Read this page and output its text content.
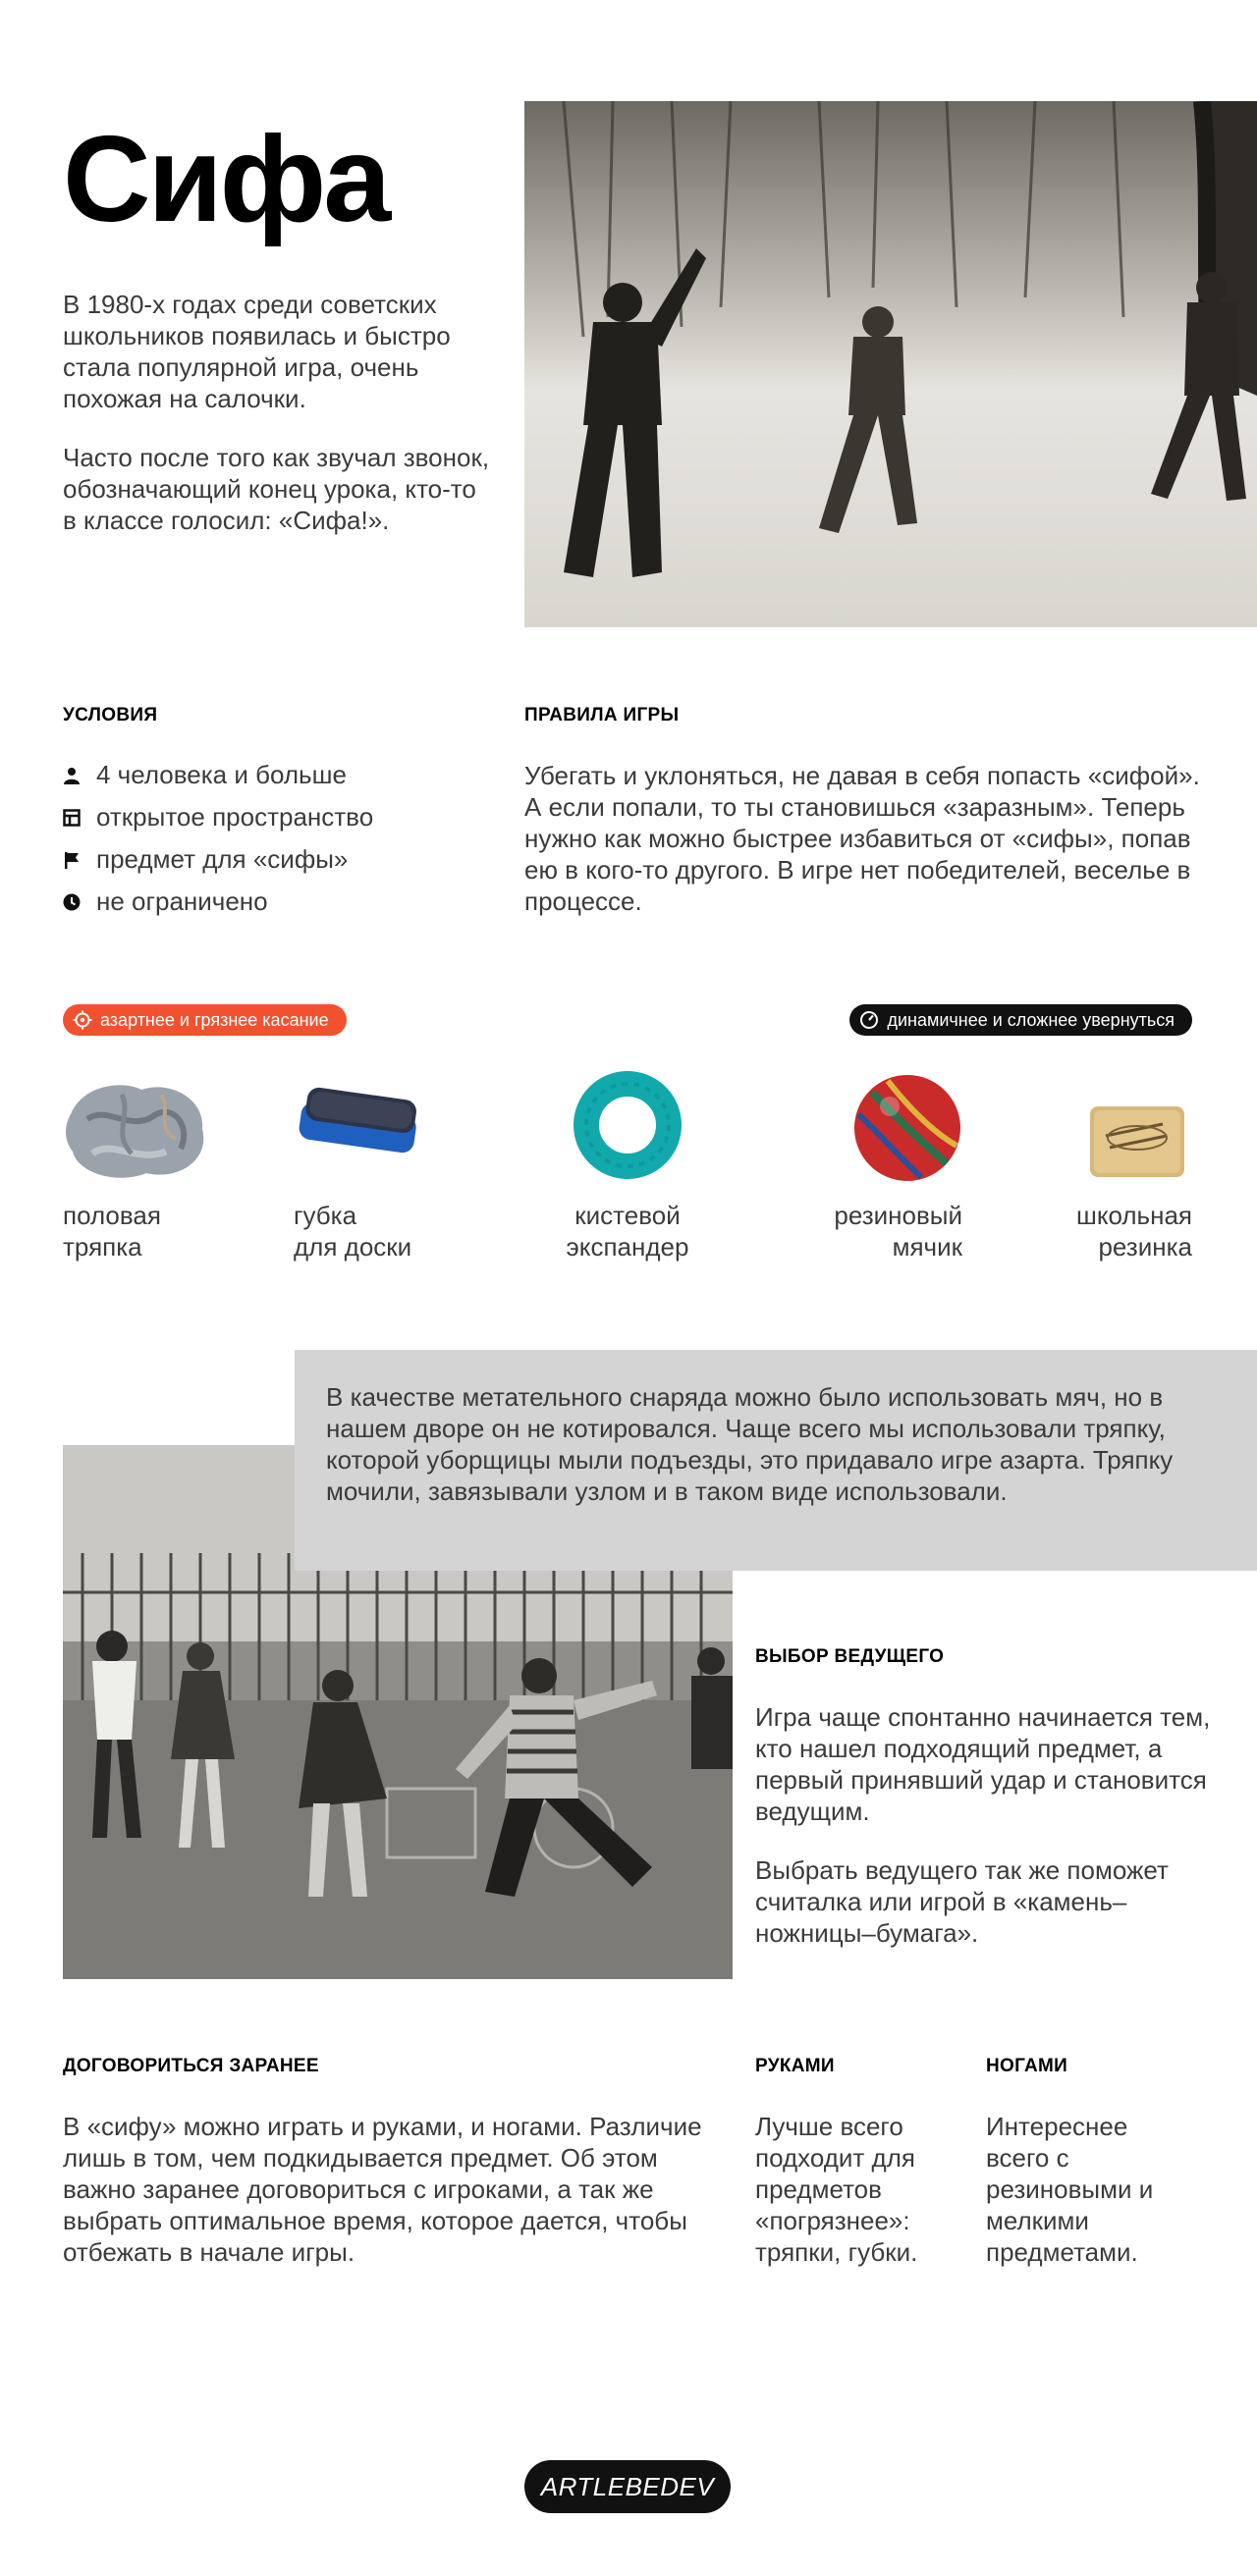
Сифа

В 1980-х годах среди советских школьников появилась и быстро стала популярной игра, очень похожая на салочки.

Часто после того как звучал звонок, обозначающий конец урока, кто-то в классе голосил: «Сифа!».

УСЛОВИЯ
4 человека и больше
открытое пространство
предмет для «сифы»
не ограничено
ПРАВИЛА ИГРЫ

Убегать и уклоняться, не давая в себя попасть «сифой». А если попали, то ты становишься «заразным». Теперь нужно как можно быстрее избавиться от «сифы», попав ею в кого-то другого. В игре нет победителей, веселье в процессе.

азартнее и грязнее касание	динамичнее и сложнее увернуться

половая
тряпка

губка
для доски

кистевой
экспандер

резиновый
мячик

школьная
резинка

В качестве метательного снаряда можно было использовать мяч, но в нашем дворе он не котировался. Чаще всего мы использовали тряпку, которой уборщицы мыли подъезды, это придавало игре азарта. Тряпку мочили, завязывали узлом и в таком виде использовали.

ВЫБОР ВЕДУЩЕГО

Игра чаще спонтанно начинается тем, кто нашел подходящий предмет, а первый принявший удар и становится ведущим.

Выбрать ведущего так же поможет считалка или игрой в «камень–ножницы–бумага».

ДОГОВОРИТЬСЯ ЗАРАНЕЕ

В «сифу» можно играть и руками, и ногами. Различие лишь в том, чем подкидывается предмет. Об этом важно заранее договориться с игроками, а так же выбрать оптимальное время, которое дается, чтобы отбежать в начале игры.

РУКАМИ

Лучше всего подходит для предметов «погрязнее»: тряпки, губки.

НОГАМИ

Интереснее всего с резиновыми и мелкими предметами.

ARTLEBEDEV
